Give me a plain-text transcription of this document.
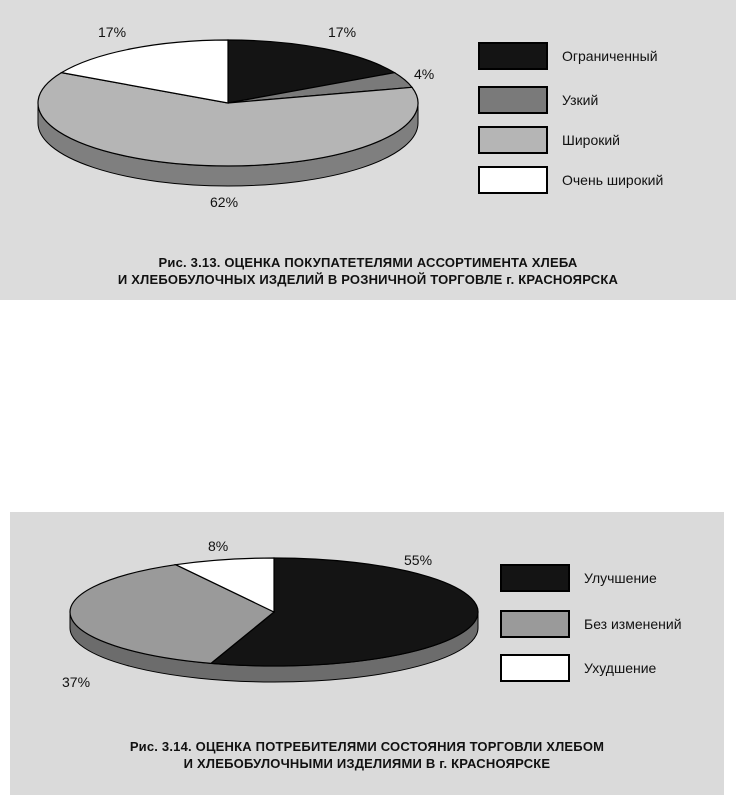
17%	17%
4%
62%
Ограниченный
Узкий
Широкий
Очень широкий
Рис. 3.13. ОЦЕНКА ПОКУПАТЕТЕЛЯМИ АССОРТИМЕНТА ХЛЕБА
И ХЛЕБОБУЛОЧНЫХ ИЗДЕЛИЙ В РОЗНИЧНОЙ ТОРГОВЛЕ г. КРАСНОЯРСКА
8%
55%
37%
Улучшение
Без изменений
Ухудшение
Рис. 3.14. ОЦЕНКА ПОТРЕБИТЕЛЯМИ СОСТОЯНИЯ ТОРГОВЛИ ХЛЕБОМ
И ХЛЕБОБУЛОЧНЫМИ ИЗДЕЛИЯМИ В г. КРАСНОЯРСКЕ
